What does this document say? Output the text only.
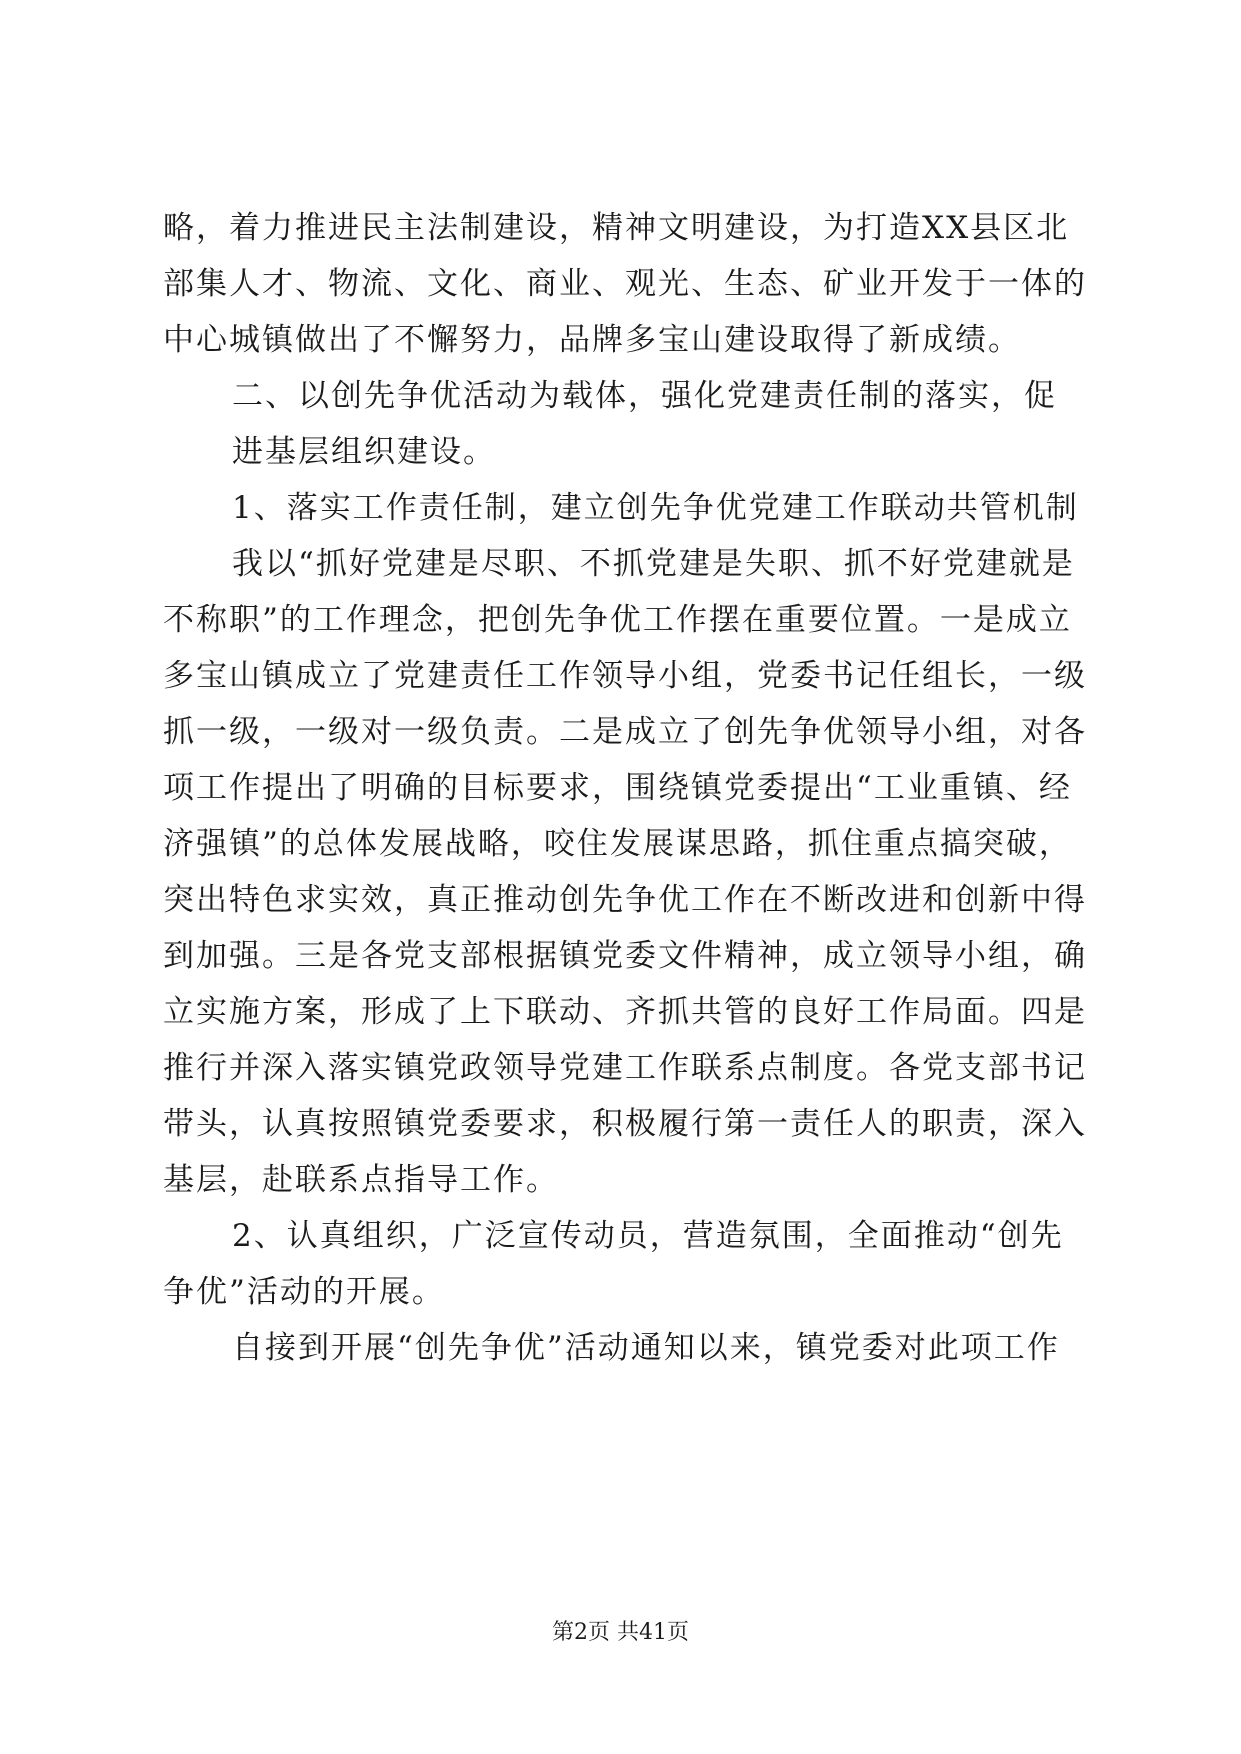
略，着力推进民主法制建设，精神文明建设，为打造XX县区北
部集人才、物流、文化、商业、观光、生态、矿业开发于一体的
中心城镇做出了不懈努力，品牌多宝山建设取得了新成绩。
二、以创先争优活动为载体，强化党建责任制的落实，促
进基层组织建设。
1、落实工作责任制，建立创先争优党建工作联动共管机制
我以“抓好党建是尽职、不抓党建是失职、抓不好党建就是
不称职”的工作理念，把创先争优工作摆在重要位置。一是成立
多宝山镇成立了党建责任工作领导小组，党委书记任组长，一级
抓一级，一级对一级负责。二是成立了创先争优领导小组，对各
项工作提出了明确的目标要求，围绕镇党委提出“工业重镇、经
济强镇”的总体发展战略，咬住发展谋思路，抓住重点搞突破，
突出特色求实效，真正推动创先争优工作在不断改进和创新中得
到加强。三是各党支部根据镇党委文件精神，成立领导小组，确
立实施方案，形成了上下联动、齐抓共管的良好工作局面。四是
推行并深入落实镇党政领导党建工作联系点制度。各党支部书记
带头，认真按照镇党委要求，积极履行第一责任人的职责，深入
基层，赴联系点指导工作。
2、认真组织，广泛宣传动员，营造氛围，全面推动“创先
争优”活动的开展。
自接到开展“创先争优”活动通知以来，镇党委对此项工作
第2页 共41页
